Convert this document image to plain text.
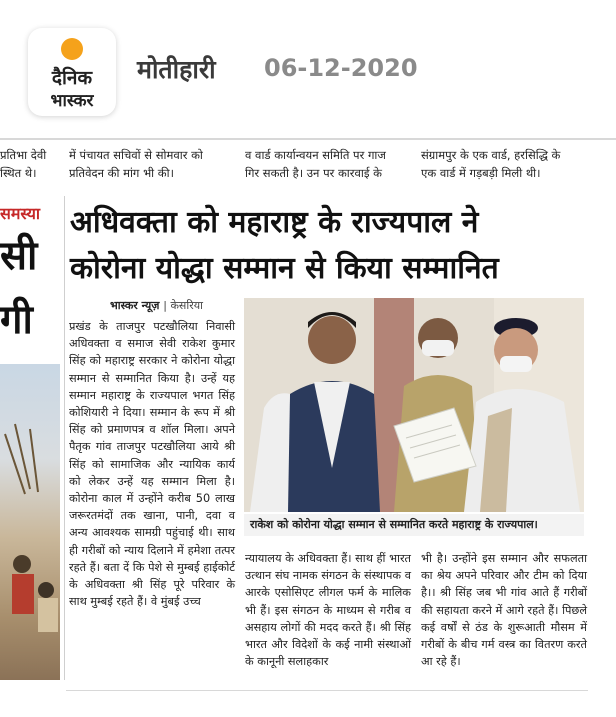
दैनिक
भास्कर
मोतीहारी 06-12-2020
प्रतिभा देवी
स्थित थे।
में पंचायत सचिवों से सोमवार को
प्रतिवेदन की मांग भी की।
व वार्ड कार्यान्वयन समिति पर गाज
गिर सकती है। उन पर कारवाई के
संग्रामपुर के एक वार्ड, हरसिद्धि के
एक वार्ड में गड़बड़ी मिली थी।
समस्या
सी
गी
अधिवक्ता को महाराष्ट्र के राज्यपाल ने
कोरोना योद्धा सम्मान से किया सम्मानित
भास्कर न्यूज़ | केसरिया
प्रखंड के ताजपुर पटखौलिया निवासी अधिवक्ता व समाज सेवी राकेश कुमार सिंह को महाराष्ट्र सरकार ने कोरोना योद्धा सम्मान से सम्मानित किया है। उन्हें यह सम्मान महाराष्ट्र के राज्यपाल भगत सिंह कोशियारी ने दिया। सम्मान के रूप में श्री सिंह को प्रमाणपत्र व शॉल मिला। अपने पैतृक गांव ताजपुर पटखौलिया आये श्री सिंह को सामाजिक और न्यायिक कार्य को लेकर उन्हें यह सम्मान मिला है। कोरोना काल में उन्होंने करीब 50 लाख जरूरतमंदों तक खाना, पानी, दवा व अन्य आवश्यक सामग्री पहुंचाई थी। साथ ही गरीबों को न्याय दिलाने में हमेशा तत्पर रहते हैं। बता दें कि पेशे से मुम्बई हाईकोर्ट के अधिवक्ता श्री सिंह पूरे परिवार के साथ मुम्बई रहते हैं। वे मुंबई उच्च
राकेश को कोरोना योद्धा सम्मान से सम्मानित करते महाराष्ट्र के राज्यपाल।
न्यायालय के अधिवक्ता हैं। साथ हीं भारत उत्थान संघ नामक संगठन के संस्थापक व आरके एसोसिएट लीगल फर्म के मालिक भी हैं। इस संगठन के माध्यम से गरीब व असहाय लोगों की मदद करते हैं। श्री सिंह भारत और विदेशों के कई नामी संस्थाओं के कानूनी सलाहकार
भी है। उन्होंने इस सम्मान और सफलता का श्रेय अपने परिवार और टीम को दिया है।। श्री सिंह जब भी गांव आते हैं गरीबों की सहायता करने में आगे रहते हैं। पिछले कई वर्षों से ठंड के शुरूआती मौसम में गरीबों के बीच गर्म वस्त्र का वितरण करते आ रहे हैं।
